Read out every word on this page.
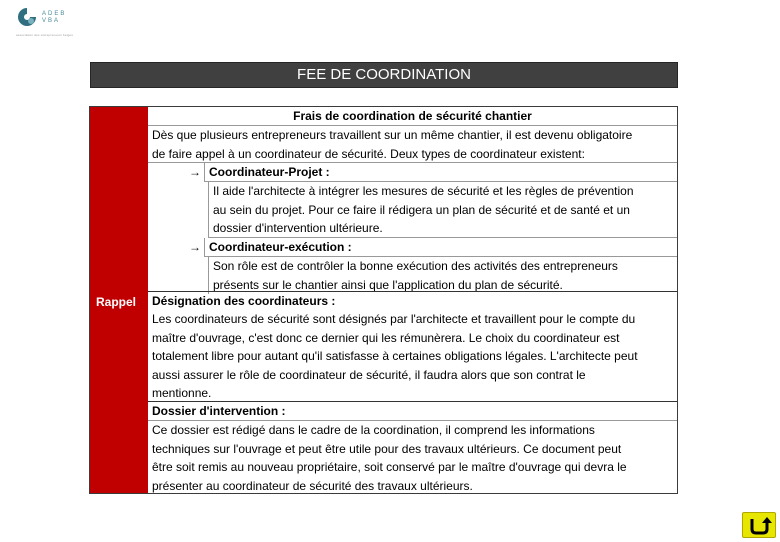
ADEB
VBA
association des entrepreneurs belges
FEE DE COORDINATION
Rappel
Frais de coordination de sécurité chantier
Dès que plusieurs entrepreneurs travaillent sur un même chantier, il est devenu obligatoire
de faire appel à un coordinateur de sécurité. Deux types de coordinateur existent:
→ Coordinateur-Projet :
Il aide l'architecte à intégrer les mesures de sécurité et les règles de prévention
au sein du projet. Pour ce faire il rédigera un plan de sécurité et de santé et un
dossier d'intervention ultérieure.
→ Coordinateur-exécution :
Son rôle est de contrôler la bonne exécution des activités des entrepreneurs
présents sur le chantier ainsi que l'application du plan de sécurité.
Désignation des coordinateurs :
Les coordinateurs de sécurité sont désignés par l'architecte et travaillent pour le compte du
maître d'ouvrage, c'est donc ce dernier qui les rémunèrera. Le choix du coordinateur est
totalement libre pour autant qu'il satisfasse à certaines obligations légales. L'architecte peut
aussi assurer le rôle de coordinateur de sécurité, il faudra alors que son contrat le
mentionne.
Dossier d'intervention :
Ce dossier est rédigé dans le cadre de la coordination, il comprend les informations
techniques sur l'ouvrage et peut être utile pour des travaux ultérieurs. Ce document peut
être soit remis au nouveau propriétaire, soit conservé par le maître d'ouvrage qui devra le
présenter au coordinateur de sécurité des travaux ultérieurs.
